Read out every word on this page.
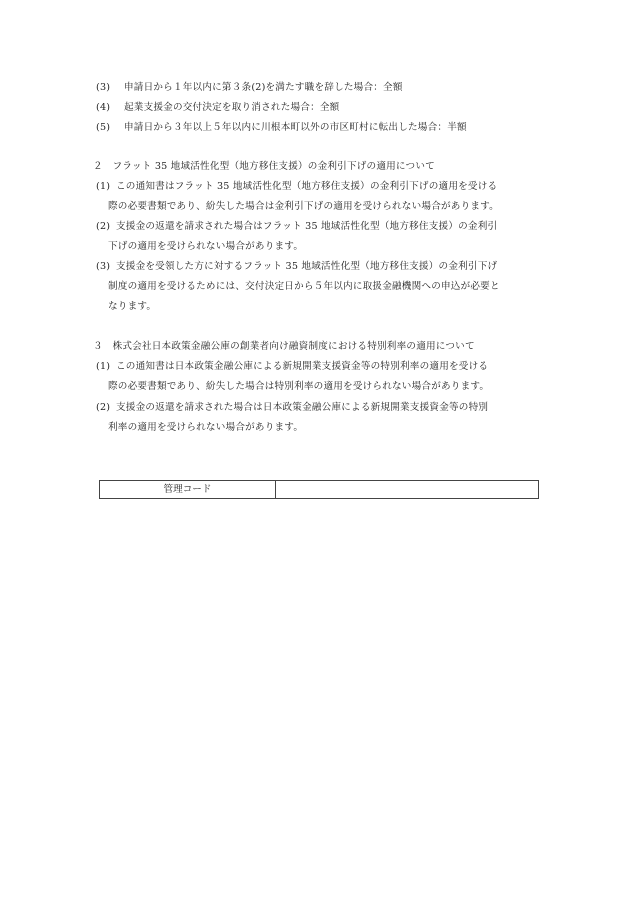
(3) 申請日から１年以内に第３条(2)を満たす職を辞した場合：全額
(4) 起業支援金の交付決定を取り消された場合：全額
(5) 申請日から３年以上５年以内に川根本町以外の市区町村に転出した場合：半額
２　フラット 35 地域活性化型（地方移住支援）の金利引下げの適用について
(1) この通知書はフラット 35 地域活性化型（地方移住支援）の金利引下げの適用を受ける
際の必要書類であり、紛失した場合は金利引下げの適用を受けられない場合があります。
(2) 支援金の返還を請求された場合はフラット 35 地域活性化型（地方移住支援）の金利引
下げの適用を受けられない場合があります。
(3) 支援金を受領した方に対するフラット 35 地域活性化型（地方移住支援）の金利引下げ
制度の適用を受けるためには、交付決定日から５年以内に取扱金融機関への申込が必要と
なります。
３　株式会社日本政策金融公庫の創業者向け融資制度における特別利率の適用について
(1) この通知書は日本政策金融公庫による新規開業支援資金等の特別利率の適用を受ける
際の必要書類であり、紛失した場合は特別利率の適用を受けられない場合があります。
(2) 支援金の返還を請求された場合は日本政策金融公庫による新規開業支援資金等の特別
利率の適用を受けられない場合があります。
管理コード
